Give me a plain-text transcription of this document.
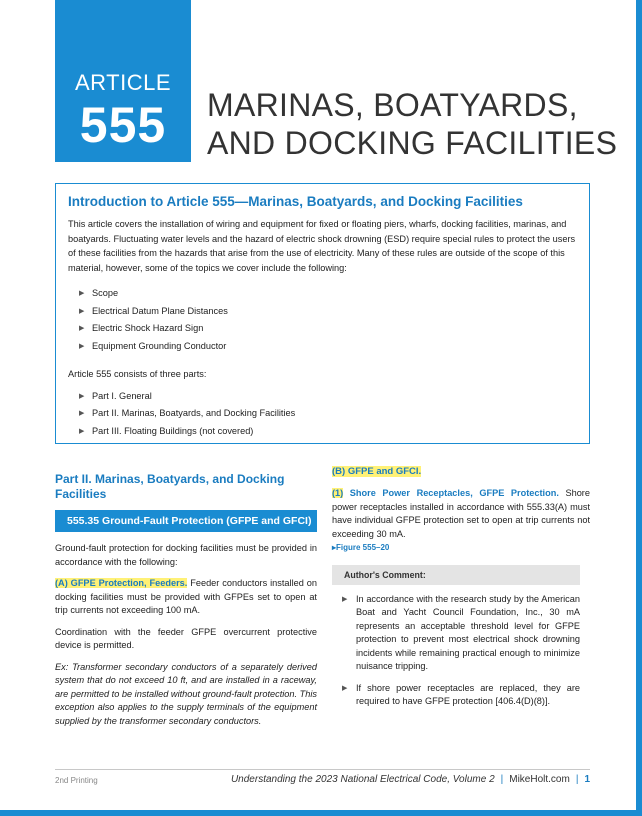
ARTICLE
555	MARINAS, BOATYARDS,
AND DOCKING FACILITIES
Introduction to Article 555—Marinas, Boatyards, and Docking Facilities

This article covers the installation of wiring and equipment for fixed or floating piers, wharfs, docking facilities, marinas, and boatyards. Fluctuating water levels and the hazard of electric shock drowning (ESD) require special rules to protect the users of these facilities from the hazards that arise from the use of electricity. Many of these rules are outside of the scope of this material, however, some of the topics we cover include the following:

▶ Scope
▶ Electrical Datum Plane Distances
▶ Electric Shock Hazard Sign
▶ Equipment Grounding Conductor

Article 555 consists of three parts:

▶ Part I. General
▶ Part II. Marinas, Boatyards, and Docking Facilities
▶ Part III. Floating Buildings (not covered)
Part II. Marinas, Boatyards, and Docking Facilities
555.35 Ground-Fault Protection (GFPE and GFCI)

Ground-fault protection for docking facilities must be provided in accordance with the following:

(A) GFPE Protection, Feeders. Feeder conductors installed on docking facilities must be provided with GFPEs set to open at trip currents not exceeding 100 mA.

Coordination with the feeder GFPE overcurrent protective device is permitted.

Ex: Transformer secondary conductors of a separately derived system that do not exceed 10 ft, and are installed in a raceway, are permitted to be installed without ground-fault protection. This exception also applies to the supply terminals of the equipment supplied by the transformer secondary conductors.

(B) GFPE and GFCI.

(1) Shore Power Receptacles, GFPE Protection. Shore power receptacles installed in accordance with 555.33(A) must have individual GFPE protection set to open at trip currents not exceeding 30 mA.
▸Figure 555–20

Author's Comment:
▶ In accordance with the research study by the American Boat and Yacht Council Foundation, Inc., 30 mA represents an acceptable threshold level for GFPE protection to prevent most electrical shock drowning incidents while remaining practical enough to minimize nuisance tripping.
▶ If shore power receptacles are replaced, they are required to have GFPE protection [406.4(D)(8)].
2nd Printing	Understanding the 2023 National Electrical Code, Volume 2 | MikeHolt.com | 1
